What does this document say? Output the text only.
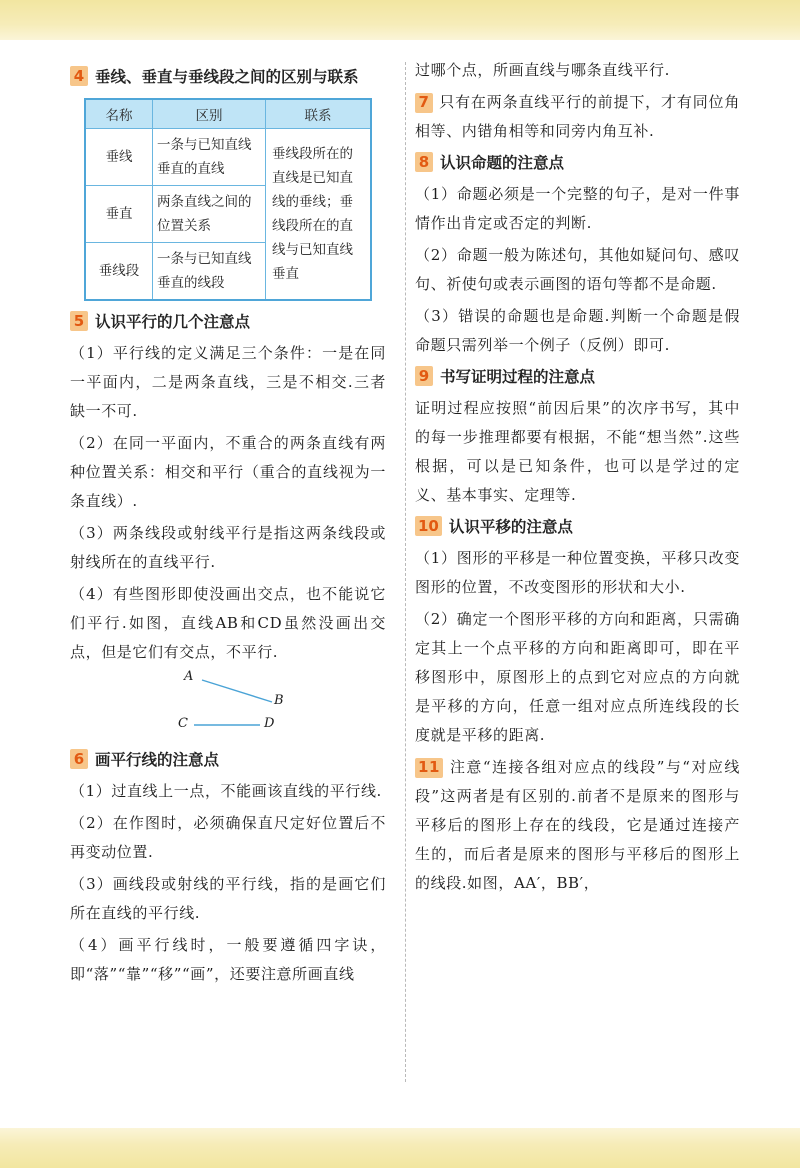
4 垂线、垂直与垂线段之间的区别与联系
名称	区别	联系
垂线	一条与已知直线垂直的直线	垂线段所在的直线是已知直线的垂线；垂线段所在的直线与已知直线垂直
垂直	两条直线之间的位置关系	
垂线段	一条与已知直线垂直的线段	
5 认识平行的几个注意点

（1）平行线的定义满足三个条件：一是在同一平面内，二是两条直线，三是不相交.三者缺一不可.

（2）在同一平面内，不重合的两条直线有两种位置关系：相交和平行（重合的直线视为一条直线）.

（3）两条线段或射线平行是指这两条线段或射线所在的直线平行.

（4）有些图形即使没画出交点，也不能说它们平行.如图，直线AB和CD虽然没画出交点，但是它们有交点，不平行.

A
B
C	D
6 画平行线的注意点

（1）过直线上一点，不能画该直线的平行线.

（2）在作图时，必须确保直尺定好位置后不再变动位置.

（3）画线段或射线的平行线，指的是画它们所在直线的平行线.

（4）画平行线时，一般要遵循四字诀，即“落”“靠”“移”“画”，还要注意所画直线

过哪个点，所画直线与哪条直线平行.

7 只有在两条直线平行的前提下，才有同位角相等、内错角相等和同旁内角互补.

8 认识命题的注意点

（1）命题必须是一个完整的句子，是对一件事情作出肯定或否定的判断.

（2）命题一般为陈述句，其他如疑问句、感叹句、祈使句或表示画图的语句等都不是命题.

（3）错误的命题也是命题.判断一个命题是假命题只需列举一个例子（反例）即可.

9 书写证明过程的注意点

证明过程应按照“前因后果”的次序书写，其中的每一步推理都要有根据，不能“想当然”.这些根据，可以是已知条件，也可以是学过的定义、基本事实、定理等.

10 认识平移的注意点

（1）图形的平移是一种位置变换，平移只改变图形的位置，不改变图形的形状和大小.

（2）确定一个图形平移的方向和距离，只需确定其上一个点平移的方向和距离即可，即在平移图形中，原图形上的点到它对应点的方向就是平移的方向，任意一组对应点所连线段的长度就是平移的距离.

11 注意“连接各组对应点的线段”与“对应线段”这两者是有区别的.前者不是原来的图形与平移后的图形上存在的线段，它是通过连接产生的，而后者是原来的图形与平移后的图形上的线段.如图，AA′，BB′，
